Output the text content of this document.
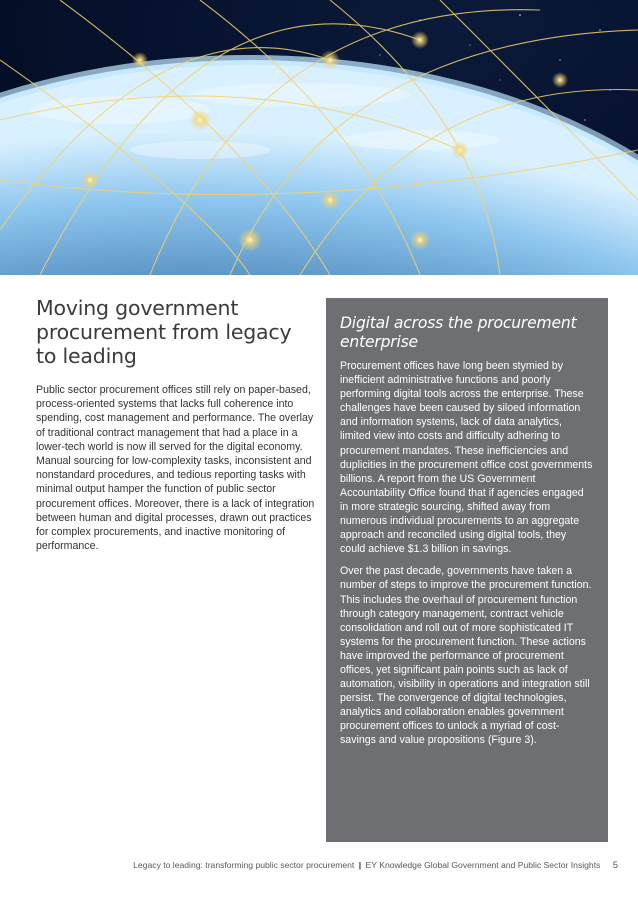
Moving government procurement from legacy to leading

Public sector procurement offices still rely on paper-based, process-oriented systems that lacks full coherence into spending, cost management and performance. The overlay of traditional contract management that had a place in a lower-tech world is now ill served for the digital economy. Manual sourcing for low-complexity tasks, inconsistent and nonstandard procedures, and tedious reporting tasks with minimal output hamper the function of public sector procurement offices. Moreover, there is a lack of integration between human and digital processes, drawn out practices for complex procurements, and inactive monitoring of performance.

Digital across the procurement enterprise

Procurement offices have long been stymied by inefficient administrative functions and poorly performing digital tools across the enterprise. These challenges have been caused by siloed information and information systems, lack of data analytics, limited view into costs and difficulty adhering to procurement mandates. These inefficiencies and duplicities in the procurement office cost governments billions. A report from the US Government Accountability Office found that if agencies engaged in more strategic sourcing, shifted away from numerous individual procurements to an aggregate approach and reconciled using digital tools, they could achieve $1.3 billion in savings.

Over the past decade, governments have taken a number of steps to improve the procurement function. This includes the overhaul of procurement function through category management, contract vehicle consolidation and roll out of more sophisticated IT systems for the procurement function. These actions have improved the performance of procurement offices, yet significant pain points such as lack of automation, visibility in operations and integration still persist. The convergence of digital technologies, analytics and collaboration enables government procurement offices to unlock a myriad of cost-savings and value propositions (Figure 3).

Legacy to leading: transforming public sector procurement | EY Knowledge Global Government and Public Sector Insights 5
